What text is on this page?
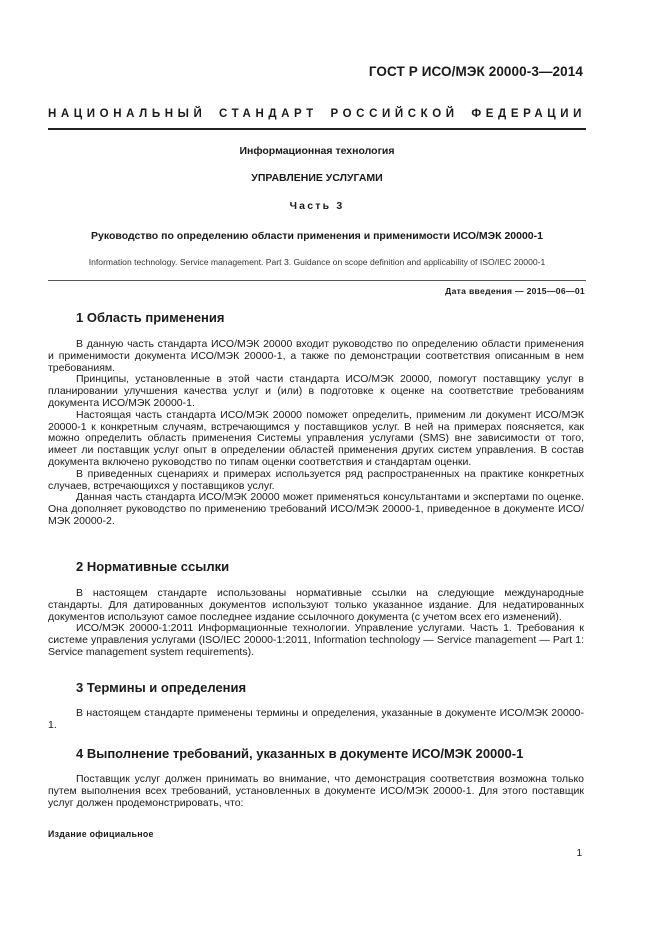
ГОСТ Р ИСО/МЭК 20000-3—2014
НАЦИОНАЛЬНЫЙ СТАНДАРТ РОССИЙСКОЙ ФЕДЕРАЦИИ
Информационная технология
УПРАВЛЕНИЕ УСЛУГАМИ
Часть 3
Руководство по определению области применения и применимости ИСО/МЭК 20000-1
Information technology. Service management. Part 3. Guidance on scope definition and applicability of ISO/IEC 20000-1
Дата введения — 2015—06—01
1 Область применения

В данную часть стандарта ИСО/МЭК 20000 входит руководство по определению области применения и применимости документа ИСО/МЭК 20000-1, а также по демонстрации соответствия описанным в нем требованиям.

Принципы, установленные в этой части стандарта ИСО/МЭК 20000, помогут поставщику услуг в планировании улучшения качества услуг и (или) в подготовке к оценке на соответствие требованиям документа ИСО/МЭК 20000-1.

Настоящая часть стандарта ИСО/МЭК 20000 поможет определить, применим ли документ ИСО/МЭК 20000-1 к конкретным случаям, встречающимся у поставщиков услуг. В ней на примерах поясняется, как можно определить область применения Системы управления услугами (SMS) вне зависимости от того, имеет ли поставщик услуг опыт в определении областей применения других систем управления. В состав документа включено руководство по типам оценки соответствия и стандартам оценки.

В приведенных сценариях и примерах используется ряд распространенных на практике конкретных случаев, встречающихся у поставщиков услуг.

Данная часть стандарта ИСО/МЭК 20000 может применяться консультантами и экспертами по оценке. Она дополняет руководство по применению требований ИСО/МЭК 20000-1, приведенное в документе ИСО/МЭК 20000-2.

2 Нормативные ссылки

В настоящем стандарте использованы нормативные ссылки на следующие международные стандарты. Для датированных документов используют только указанное издание. Для недатированных документов используют самое последнее издание ссылочного документа (с учетом всех его изменений).

ИСО/МЭК 20000-1:2011 Информационные технологии. Управление услугами. Часть 1. Требования к системе управления услугами (ISO/IEC 20000-1:2011, Information technology — Service management — Part 1: Service management system requirements).

3 Термины и определения

В настоящем стандарте применены термины и определения, указанные в документе ИСО/МЭК 20000-1.

4 Выполнение требований, указанных в документе ИСО/МЭК 20000-1

Поставщик услуг должен принимать во внимание, что демонстрация соответствия возможна только путем выполнения всех требований, установленных в документе ИСО/МЭК 20000-1. Для этого поставщик услуг должен продемонстрировать, что:

Издание официальное
1
